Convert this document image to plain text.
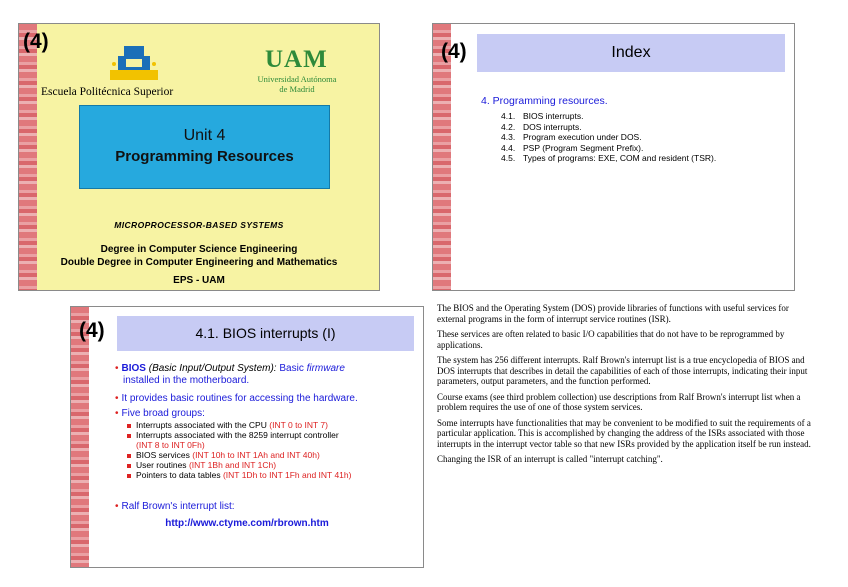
(4)
Escuela Politécnica Superior
UAM
Universidad Autónoma
de Madrid
Unit 4
Programming Resources
MICROPROCESSOR-BASED SYSTEMS
Degree in Computer Science Engineering
Double Degree in Computer Engineering and Mathematics
EPS - UAM
(4)	Index
4. Programming resources.
4.1. BIOS interrupts.
4.2. DOS interrupts.
4.3. Program execution under DOS.
4.4. PSP (Program Segment Prefix).
4.5. Types of programs: EXE, COM and resident (TSR).
(4)	4.1. BIOS interrupts (I)
• BIOS (Basic Input/Output System): Basic firmware
installed in the motherboard.
• It provides basic routines for accessing the hardware.
• Five broad groups:
Interrupts associated with the CPU (INT 0 to INT 7)
Interrupts associated with the 8259 interrupt controller
(INT 8 to INT 0Fh)
BIOS services (INT 10h to INT 1Ah and INT 40h)
User routines (INT 1Bh and INT 1Ch)
Pointers to data tables (INT 1Dh to INT 1Fh and INT 41h)
• Ralf Brown's interrupt list:
http://www.ctyme.com/rbrown.htm

The BIOS and the Operating System (DOS) provide libraries of functions with useful services for external programs in the form of interrupt service routines (ISR).

These services are often related to basic I/O capabilities that do not have to be reprogrammed by applications.

The system has 256 different interrupts. Ralf Brown's interrupt list is a true encyclopedia of BIOS and DOS interrupts that describes in detail the capabilities of each of those interrupts, indicating their input parameters, output parameters, and the function performed.

Course exams (see third problem collection) use descriptions from Ralf Brown's interrupt list when a problem requires the use of one of those system services.

Some interrupts have functionalities that may be convenient to be modified to suit the requirements of a particular application. This is accomplished by changing the address of the ISRs associated with those interrupts in the interrupt vector table so that new ISRs provided by the application itself be run instead.

Changing the ISR of an interrupt is called "interrupt catching".
